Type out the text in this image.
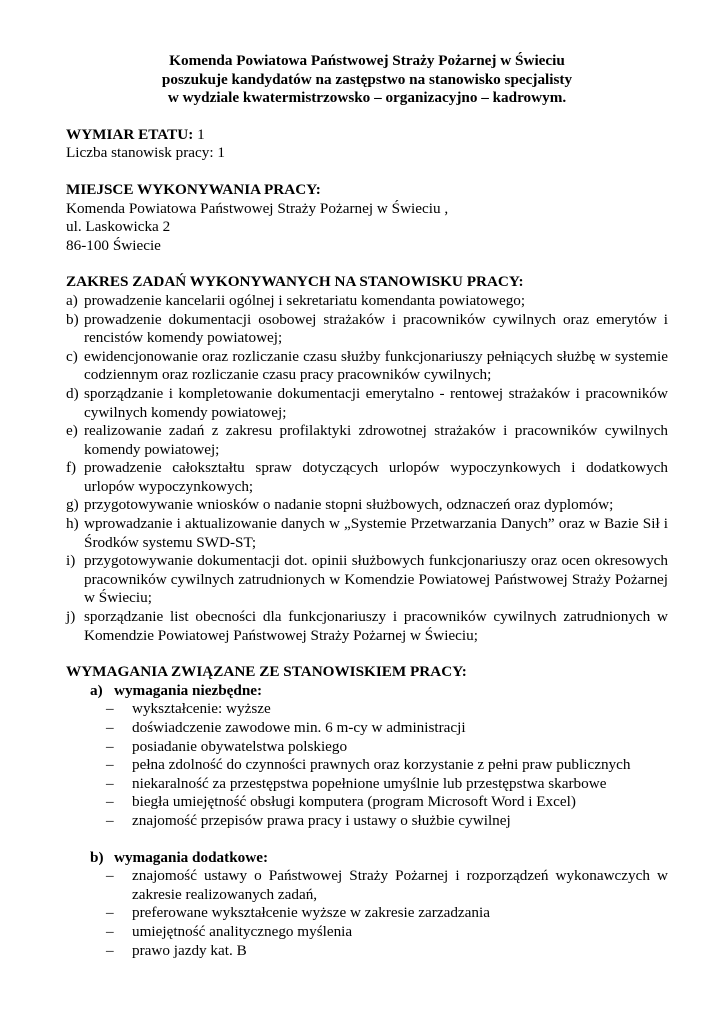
Komenda Powiatowa Państwowej Straży Pożarnej w Świeciu
poszukuje kandydatów na zastępstwo na stanowisko specjalisty
w wydziale kwatermistrzowsko – organizacyjno – kadrowym.
WYMIAR ETATU: 1
Liczba stanowisk pracy: 1
MIEJSCE WYKONYWANIA PRACY:
Komenda Powiatowa Państwowej Straży Pożarnej w Świeciu ,
ul. Laskowicka 2
86-100 Świecie
ZAKRES ZADAŃ WYKONYWANYCH NA STANOWISKU PRACY:
a) prowadzenie kancelarii ogólnej i sekretariatu komendanta powiatowego;
b) prowadzenie dokumentacji osobowej strażaków i pracowników cywilnych oraz emerytów i rencistów komendy powiatowej;
c) ewidencjonowanie oraz rozliczanie czasu służby funkcjonariuszy pełniących służbę w systemie codziennym oraz rozliczanie czasu pracy pracowników cywilnych;
d) sporządzanie i kompletowanie dokumentacji emerytalno - rentowej strażaków i pracowników cywilnych komendy powiatowej;
e) realizowanie zadań z zakresu profilaktyki zdrowotnej strażaków i pracowników cywilnych komendy powiatowej;
f) prowadzenie całokształtu spraw dotyczących urlopów wypoczynkowych i dodatkowych urlopów wypoczynkowych;
g) przygotowywanie wniosków o nadanie stopni służbowych, odznaczeń oraz dyplomów;
h) wprowadzanie i aktualizowanie danych w „Systemie Przetwarzania Danych” oraz w Bazie Sił i Środków systemu SWD-ST;
i) przygotowywanie dokumentacji dot. opinii służbowych funkcjonariuszy oraz ocen okresowych pracowników cywilnych zatrudnionych w Komendzie Powiatowej Państwowej Straży Pożarnej w Świeciu;
j) sporządzanie list obecności dla funkcjonariuszy i pracowników cywilnych zatrudnionych w Komendzie Powiatowej Państwowej Straży Pożarnej w Świeciu;
WYMAGANIA ZWIĄZANE ZE STANOWISKIEM PRACY:
a) wymagania niezbędne:
– wykształcenie: wyższe
– doświadczenie zawodowe min. 6 m-cy w administracji
– posiadanie obywatelstwa polskiego
– pełna zdolność do czynności prawnych oraz korzystanie z pełni praw publicznych
– niekaralność za przestępstwa popełnione umyślnie lub przestępstwa skarbowe
– biegła umiejętność obsługi komputera (program Microsoft Word i Excel)
– znajomość przepisów prawa pracy i ustawy o służbie cywilnej
b) wymagania dodatkowe:
– znajomość ustawy o Państwowej Straży Pożarnej i rozporządzeń wykonawczych w zakresie realizowanych zadań,
– preferowane wykształcenie wyższe w zakresie zarzadzania
– umiejętność analitycznego myślenia
– prawo jazdy kat. B
